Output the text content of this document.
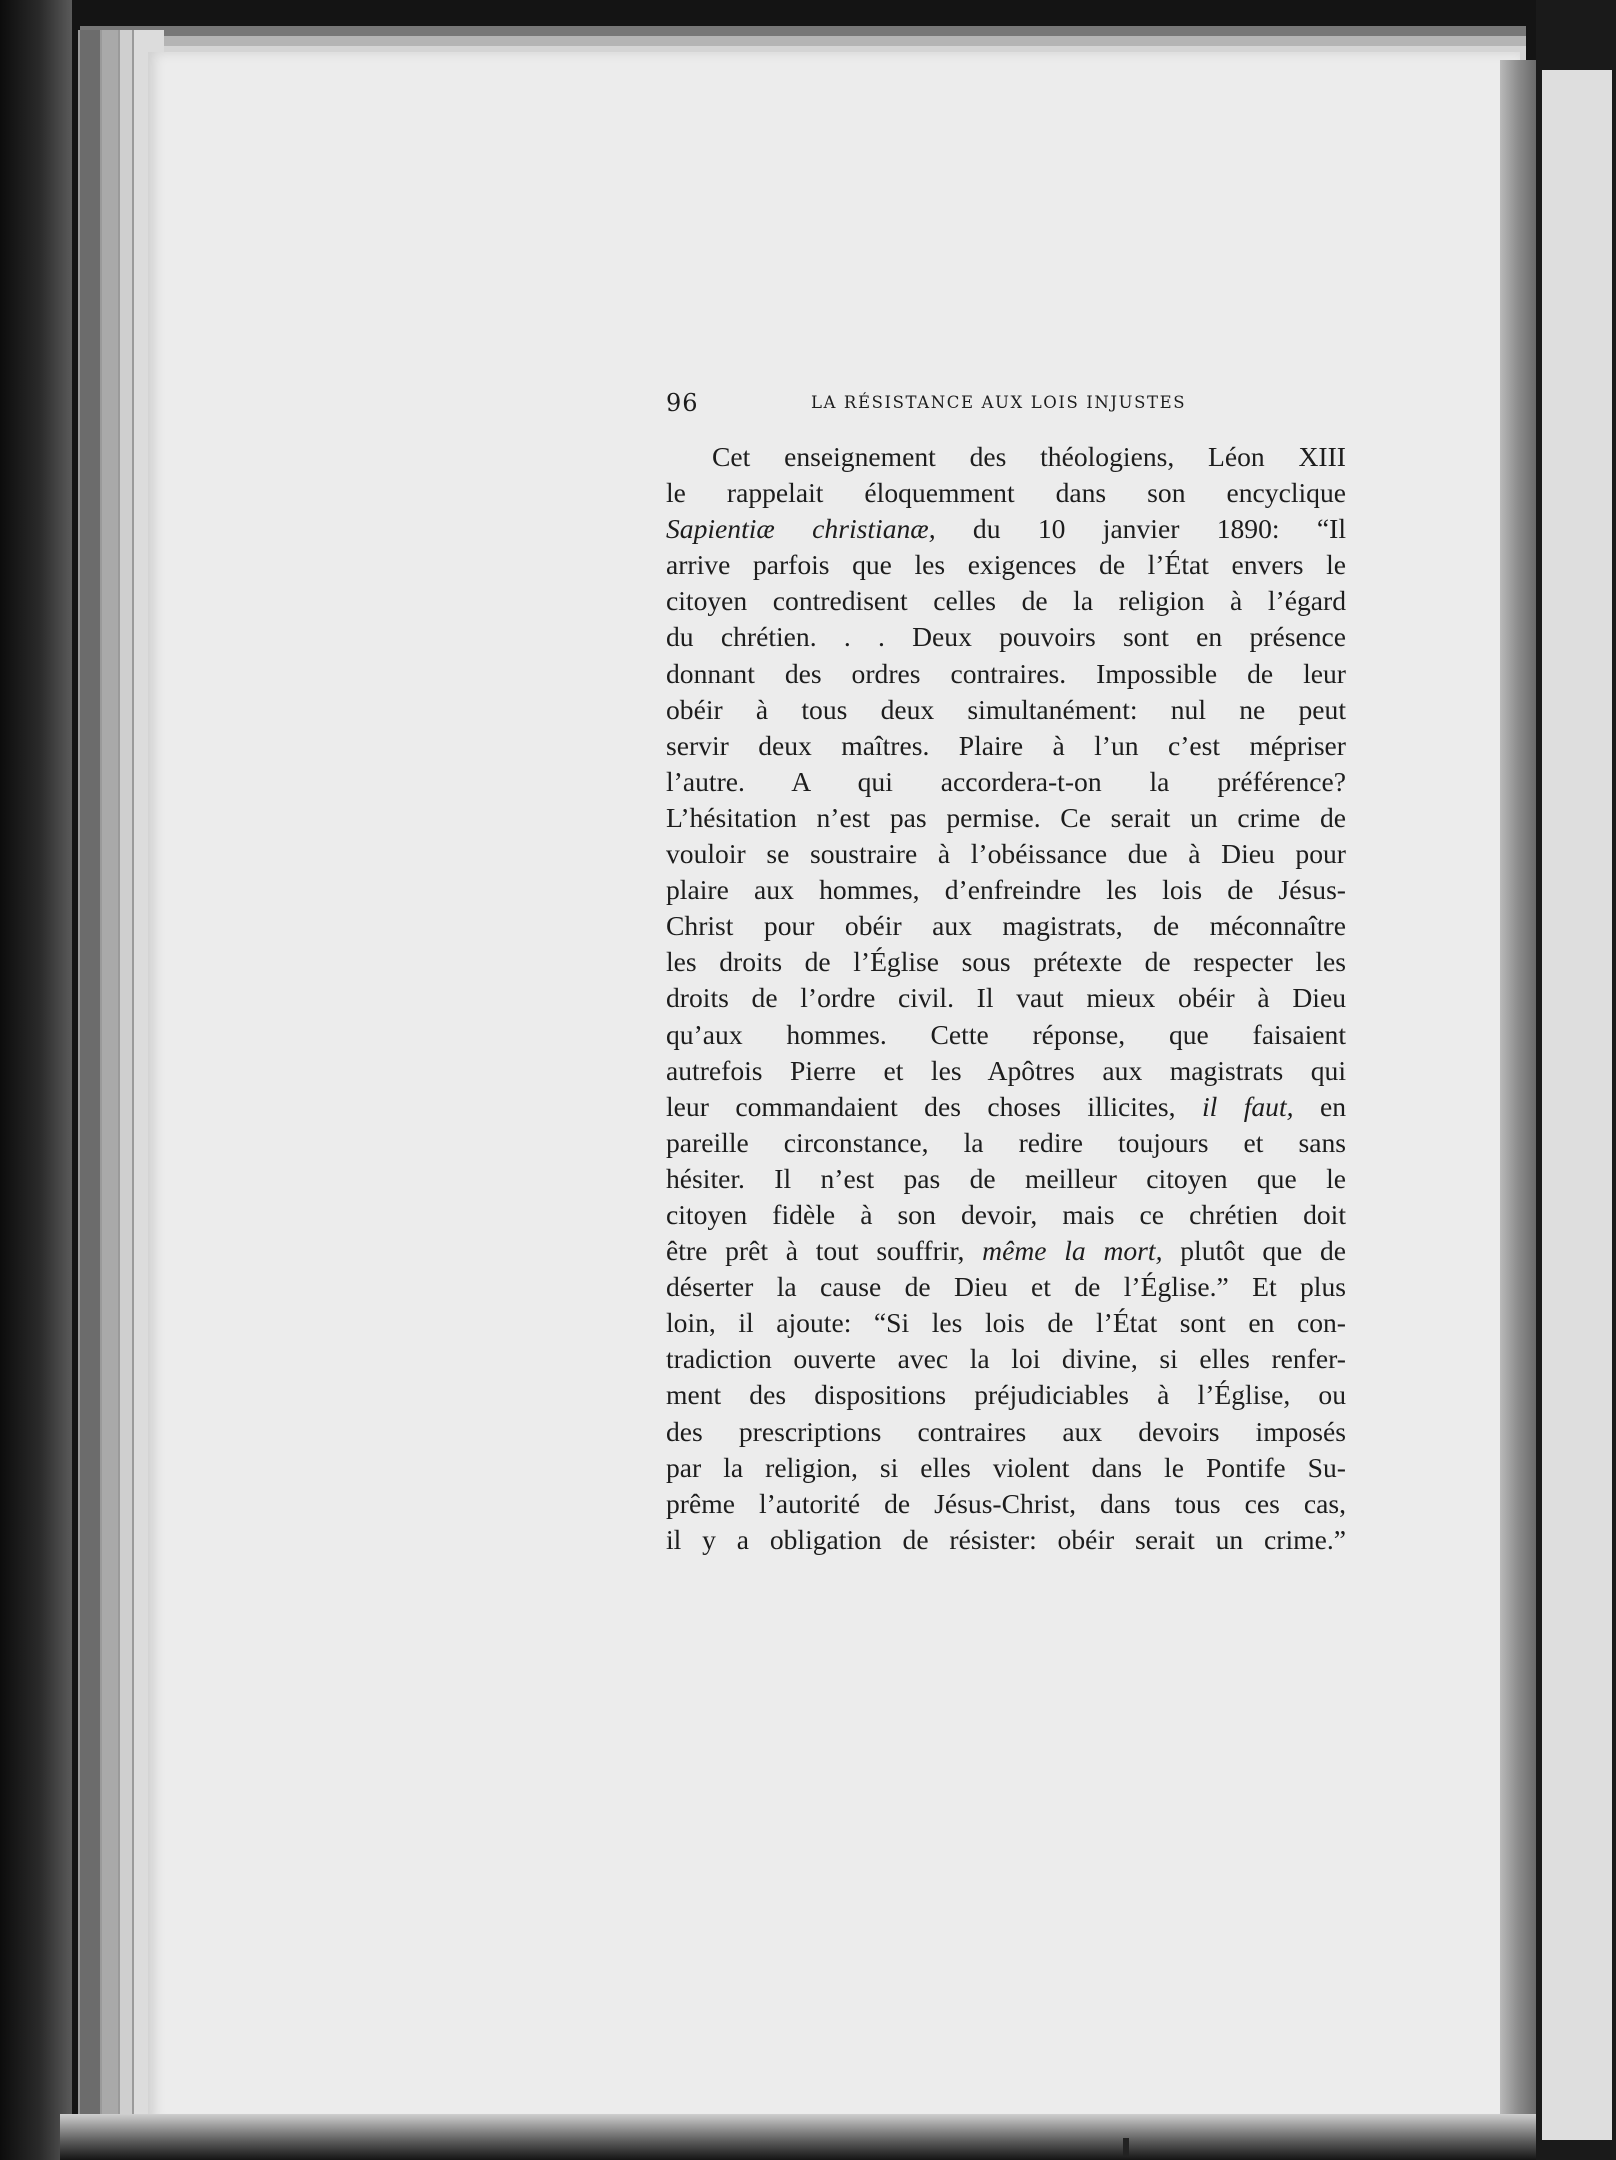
96	LA RÉSISTANCE AUX LOIS INJUSTES
Cet enseignement des théologiens, Léon XIII
le rappelait éloquemment dans son encyclique
Sapientiæ christianæ, du 10 janvier 1890: “Il
arrive parfois que les exigences de l’État envers le
citoyen contredisent celles de la religion à l’égard
du chrétien. . . Deux pouvoirs sont en présence
donnant des ordres contraires. Impossible de leur
obéir à tous deux simultanément: nul ne peut
servir deux maîtres. Plaire à l’un c’est mépriser
l’autre. A qui accordera-t-on la préférence?
L’hésitation n’est pas permise. Ce serait un crime de
vouloir se soustraire à l’obéissance due à Dieu pour
plaire aux hommes, d’enfreindre les lois de Jésus-
Christ pour obéir aux magistrats, de méconnaître
les droits de l’Église sous prétexte de respecter les
droits de l’ordre civil. Il vaut mieux obéir à Dieu
qu’aux hommes. Cette réponse, que faisaient
autrefois Pierre et les Apôtres aux magistrats qui
leur commandaient des choses illicites, il faut, en
pareille circonstance, la redire toujours et sans
hésiter. Il n’est pas de meilleur citoyen que le
citoyen fidèle à son devoir, mais ce chrétien doit
être prêt à tout souffrir, même la mort, plutôt que de
déserter la cause de Dieu et de l’Église.” Et plus
loin, il ajoute: “Si les lois de l’État sont en con-
tradiction ouverte avec la loi divine, si elles renfer-
ment des dispositions préjudiciables à l’Église, ou
des prescriptions contraires aux devoirs imposés
par la religion, si elles violent dans le Pontife Su-
prême l’autorité de Jésus-Christ, dans tous ces cas,
il y a obligation de résister: obéir serait un crime.”
